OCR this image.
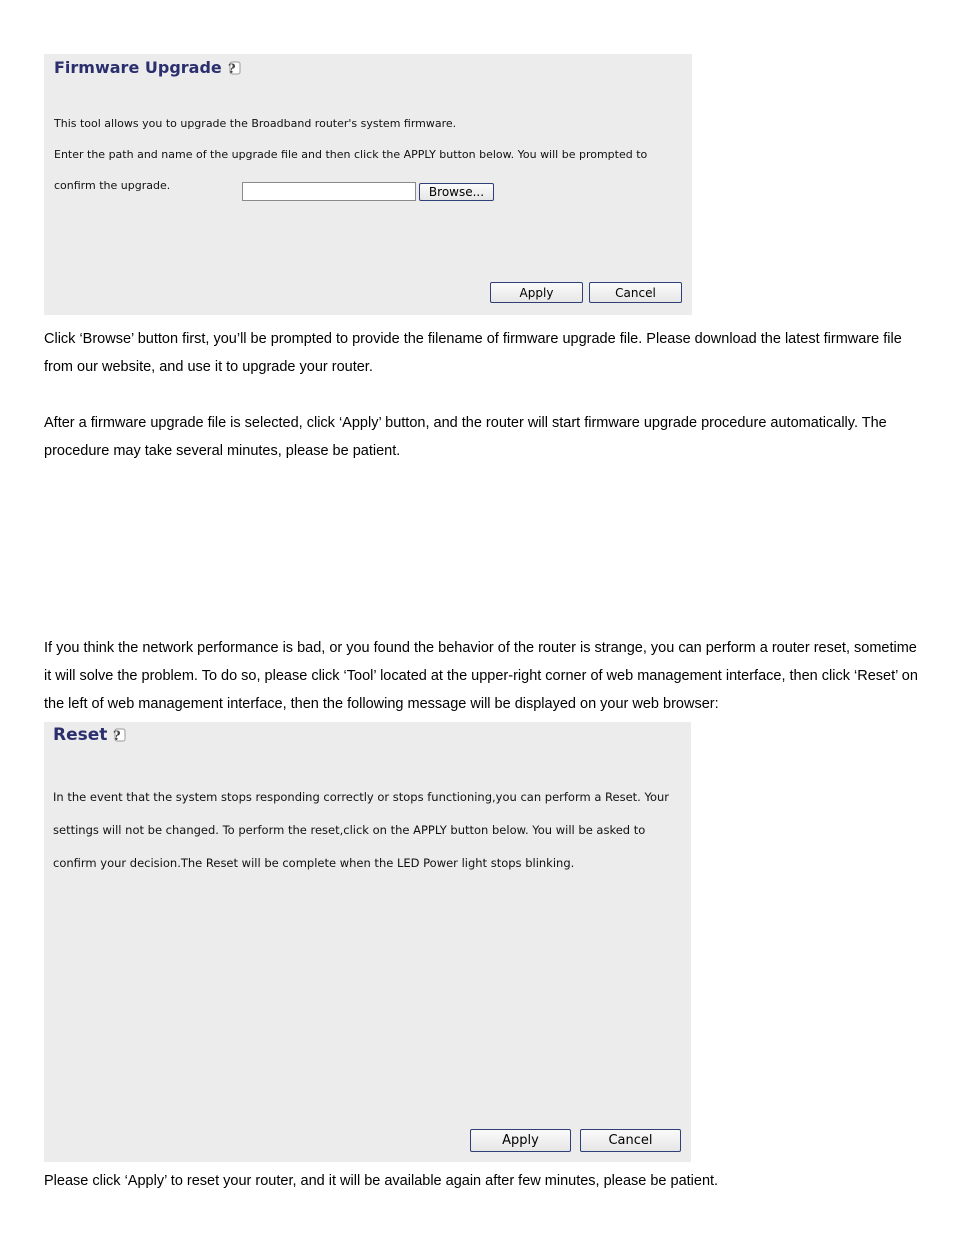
Firmware Upgrade ?

This tool allows you to upgrade the Broadband router's system firmware.

Enter the path and name of the upgrade file and then click the APPLY button below. You will be prompted to

confirm the upgrade.	Browse...
Apply	Cancel

Click ‘Browse’ button first, you’ll be prompted to provide the filename of firmware upgrade file. Please download the latest firmware file from our website, and use it to upgrade your router.

After a firmware upgrade file is selected, click ‘Apply’ button, and the router will start firmware upgrade procedure automatically. The procedure may take several minutes, please be patient.

If you think the network performance is bad, or you found the behavior of the router is strange, you can perform a router reset, sometime it will solve the problem. To do so, please click ‘Tool’ located at the upper-right corner of web management interface, then click ‘Reset’ on the left of web management interface, then the following message will be displayed on your web browser:

Reset ?

In the event that the system stops responding correctly or stops functioning,you can perform a Reset. Your

settings will not be changed. To perform the reset,click on the APPLY button below. You will be asked to

confirm your decision.The Reset will be complete when the LED Power light stops blinking.

Apply	Cancel

Please click ‘Apply’ to reset your router, and it will be available again after few minutes, please be patient.
